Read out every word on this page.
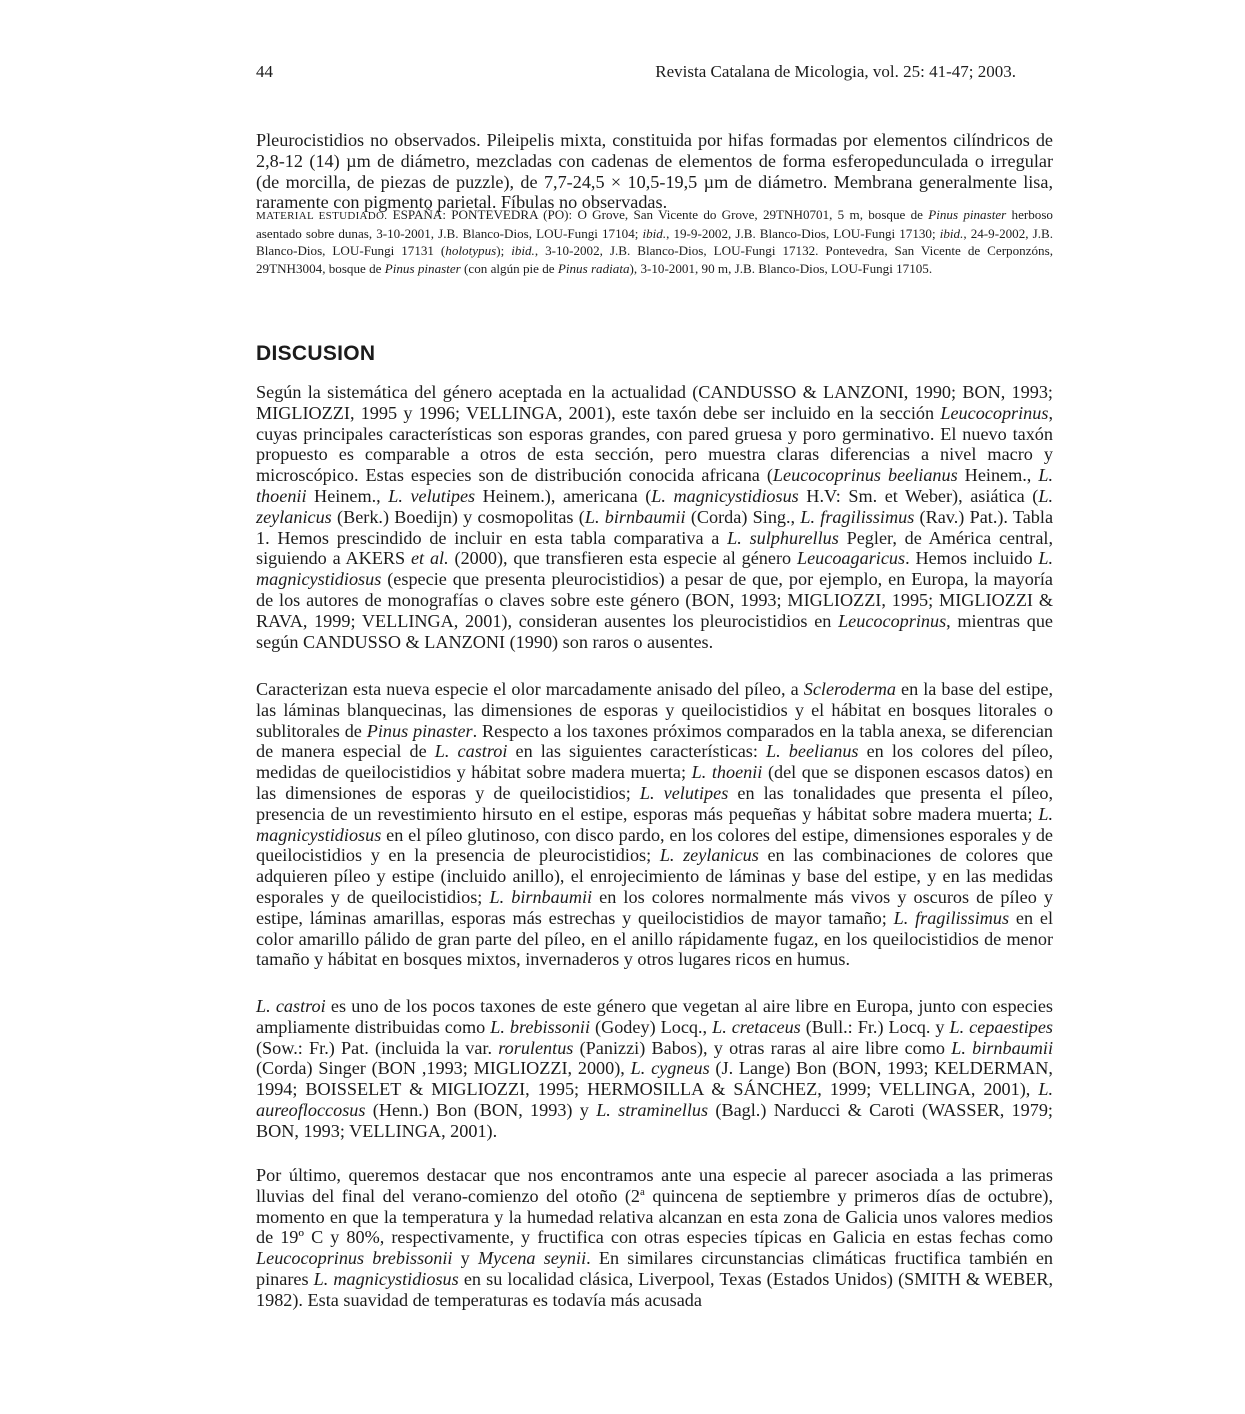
44	Revista Catalana de Micologia, vol. 25: 41-47; 2003.

Pleurocistidios no observados. Pileipelis mixta, constituida por hifas formadas por elementos cilíndricos de 2,8-12 (14) µm de diámetro, mezcladas con cadenas de elementos de forma esferopedunculada o irregular (de morcilla, de piezas de puzzle), de 7,7-24,5 × 10,5-19,5 µm de diámetro. Membrana generalmente lisa, raramente con pigmento parietal. Fíbulas no observadas.

MATERIAL ESTUDIADO. ESPAÑA: PONTEVEDRA (PO): O Grove, San Vicente do Grove, 29TNH0701, 5 m, bosque de Pinus pinaster herboso asentado sobre dunas, 3-10-2001, J.B. Blanco-Dios, LOU-Fungi 17104; ibid., 19-9-2002, J.B. Blanco-Dios, LOU-Fungi 17130; ibid., 24-9-2002, J.B. Blanco-Dios, LOU-Fungi 17131 (holotypus); ibid., 3-10-2002, J.B. Blanco-Dios, LOU-Fungi 17132. Pontevedra, San Vicente de Cerponzóns, 29TNH3004, bosque de Pinus pinaster (con algún pie de Pinus radiata), 3-10-2001, 90 m, J.B. Blanco-Dios, LOU-Fungi 17105.

DISCUSION

Según la sistemática del género aceptada en la actualidad (CANDUSSO & LANZONI, 1990; BON, 1993; MIGLIOZZI, 1995 y 1996; VELLINGA, 2001), este taxón debe ser incluido en la sección Leucocoprinus, cuyas principales características son esporas grandes, con pared gruesa y poro germinativo. El nuevo taxón propuesto es comparable a otros de esta sección, pero muestra claras diferencias a nivel macro y microscópico. Estas especies son de distribución conocida africana (Leucocoprinus beelianus Heinem., L. thoenii Heinem., L. velutipes Heinem.), americana (L. magnicystidiosus H.V: Sm. et Weber), asiática (L. zeylanicus (Berk.) Boedijn) y cosmopolitas (L. birnbaumii (Corda) Sing., L. fragilissimus (Rav.) Pat.). Tabla 1. Hemos prescindido de incluir en esta tabla comparativa a L. sulphurellus Pegler, de América central, siguiendo a AKERS et al. (2000), que transfieren esta especie al género Leucoagaricus. Hemos incluido L. magnicystidiosus (especie que presenta pleurocistidios) a pesar de que, por ejemplo, en Europa, la mayoría de los autores de monografías o claves sobre este género (BON, 1993; MIGLIOZZI, 1995; MIGLIOZZI & RAVA, 1999; VELLINGA, 2001), consideran ausentes los pleurocistidios en Leucocoprinus, mientras que según CANDUSSO & LANZONI (1990) son raros o ausentes.

Caracterizan esta nueva especie el olor marcadamente anisado del píleo, a Scleroderma en la base del estipe, las láminas blanquecinas, las dimensiones de esporas y queilocistidios y el hábitat en bosques litorales o sublitorales de Pinus pinaster. Respecto a los taxones próximos comparados en la tabla anexa, se diferencian de manera especial de L. castroi en las siguientes características: L. beelianus en los colores del píleo, medidas de queilocistidios y hábitat sobre madera muerta; L. thoenii (del que se disponen escasos datos) en las dimensiones de esporas y de queilocistidios; L. velutipes en las tonalidades que presenta el píleo, presencia de un revestimiento hirsuto en el estipe, esporas más pequeñas y hábitat sobre madera muerta; L. magnicystidiosus en el píleo glutinoso, con disco pardo, en los colores del estipe, dimensiones esporales y de queilocistidios y en la presencia de pleurocistidios; L. zeylanicus en las combinaciones de colores que adquieren píleo y estipe (incluido anillo), el enrojecimiento de láminas y base del estipe, y en las medidas esporales y de queilocistidios; L. birnbaumii en los colores normalmente más vivos y oscuros de píleo y estipe, láminas amarillas, esporas más estrechas y queilocistidios de mayor tamaño; L. fragilissimus en el color amarillo pálido de gran parte del píleo, en el anillo rápidamente fugaz, en los queilocistidios de menor tamaño y hábitat en bosques mixtos, invernaderos y otros lugares ricos en humus.

L. castroi es uno de los pocos taxones de este género que vegetan al aire libre en Europa, junto con especies ampliamente distribuidas como L. brebissonii (Godey) Locq., L. cretaceus (Bull.: Fr.) Locq. y L. cepaestipes (Sow.: Fr.) Pat. (incluida la var. rorulentus (Panizzi) Babos), y otras raras al aire libre como L. birnbaumii (Corda) Singer (BON ,1993; MIGLIOZZI, 2000), L. cygneus (J. Lange) Bon (BON, 1993; KELDERMAN, 1994; BOISSELET & MIGLIOZZI, 1995; HERMOSILLA & SÁNCHEZ, 1999; VELLINGA, 2001), L. aureofloccosus (Henn.) Bon (BON, 1993) y L. straminellus (Bagl.) Narducci & Caroti (WASSER, 1979; BON, 1993; VELLINGA, 2001).

Por último, queremos destacar que nos encontramos ante una especie al parecer asociada a las primeras lluvias del final del verano-comienzo del otoño (2$^a$ quincena de septiembre y primeros días de octubre), momento en que la temperatura y la humedad relativa alcanzan en esta zona de Galicia unos valores medios de 19º C y 80%, respectivamente, y fructifica con otras especies típicas en Galicia en estas fechas como Leucocoprinus brebissonii y Mycena seynii. En similares circunstancias climáticas fructifica también en pinares L. magnicystidiosus en su localidad clásica, Liverpool, Texas (Estados Unidos) (SMITH & WEBER, 1982). Esta suavidad de temperaturas es todavía más acusada
